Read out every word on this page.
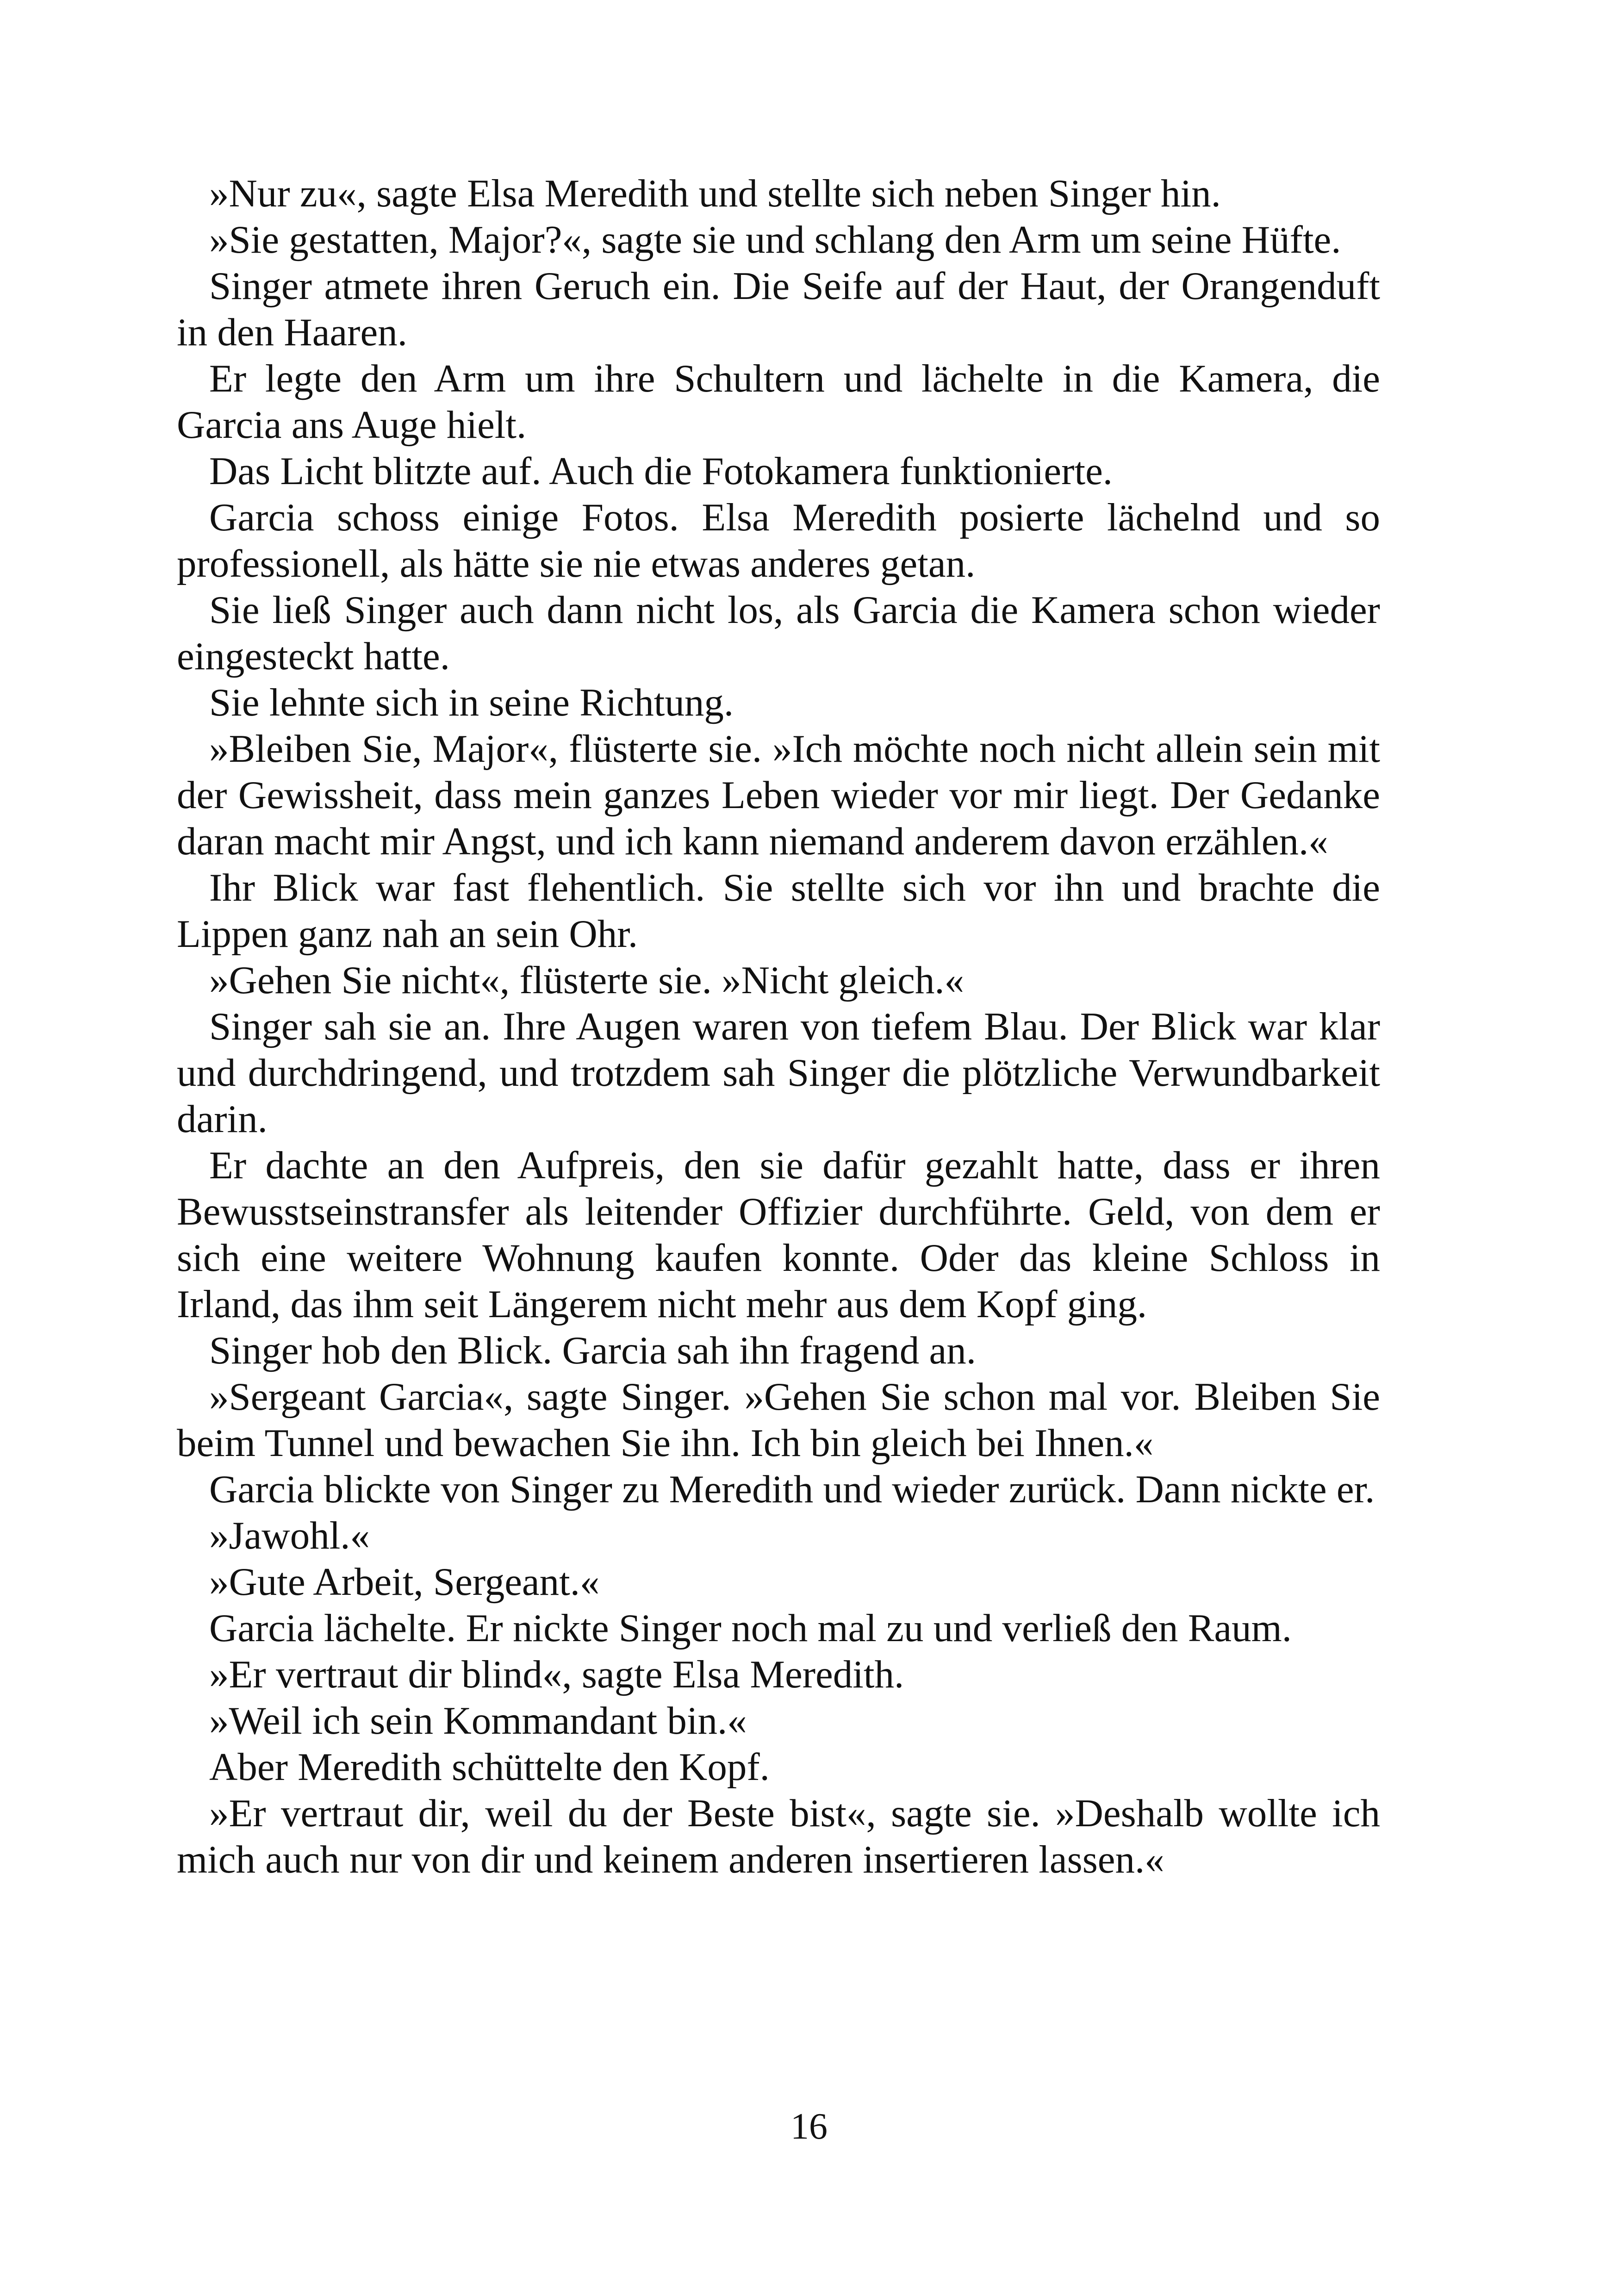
»Nur zu«, sagte Elsa Meredith und stellte sich neben Singer hin.

»Sie gestatten, Major?«, sagte sie und schlang den Arm um seine Hüfte.

Singer atmete ihren Geruch ein. Die Seife auf der Haut, der Orangenduft in den Haaren.

Er legte den Arm um ihre Schultern und lächelte in die Kamera, die Garcia ans Auge hielt.

Das Licht blitzte auf. Auch die Fotokamera funktionierte.

Garcia schoss einige Fotos. Elsa Meredith posierte lächelnd und so professionell, als hätte sie nie etwas anderes getan.

Sie ließ Singer auch dann nicht los, als Garcia die Kamera schon wieder eingesteckt hatte.

Sie lehnte sich in seine Richtung.

»Bleiben Sie, Major«, flüsterte sie. »Ich möchte noch nicht allein sein mit der Gewissheit, dass mein ganzes Leben wieder vor mir liegt. Der Gedanke daran macht mir Angst, und ich kann niemand anderem davon erzählen.«

Ihr Blick war fast flehentlich. Sie stellte sich vor ihn und brachte die Lippen ganz nah an sein Ohr.

»Gehen Sie nicht«, flüsterte sie. »Nicht gleich.«

Singer sah sie an. Ihre Augen waren von tiefem Blau. Der Blick war klar und durchdringend, und trotzdem sah Singer die plötzliche Verwundbarkeit darin.

Er dachte an den Aufpreis, den sie dafür gezahlt hatte, dass er ihren Bewusstseinstransfer als leitender Offizier durchführte. Geld, von dem er sich eine weitere Wohnung kaufen konnte. Oder das kleine Schloss in Irland, das ihm seit Längerem nicht mehr aus dem Kopf ging.

Singer hob den Blick. Garcia sah ihn fragend an.

»Sergeant Garcia«, sagte Singer. »Gehen Sie schon mal vor. Bleiben Sie beim Tunnel und bewachen Sie ihn. Ich bin gleich bei Ihnen.«

Garcia blickte von Singer zu Meredith und wieder zurück. Dann nickte er.

»Jawohl.«

»Gute Arbeit, Sergeant.«

Garcia lächelte. Er nickte Singer noch mal zu und verließ den Raum.

»Er vertraut dir blind«, sagte Elsa Meredith.

»Weil ich sein Kommandant bin.«

Aber Meredith schüttelte den Kopf.

»Er vertraut dir, weil du der Beste bist«, sagte sie. »Deshalb wollte ich mich auch nur von dir und keinem anderen insertieren lassen.«

16
